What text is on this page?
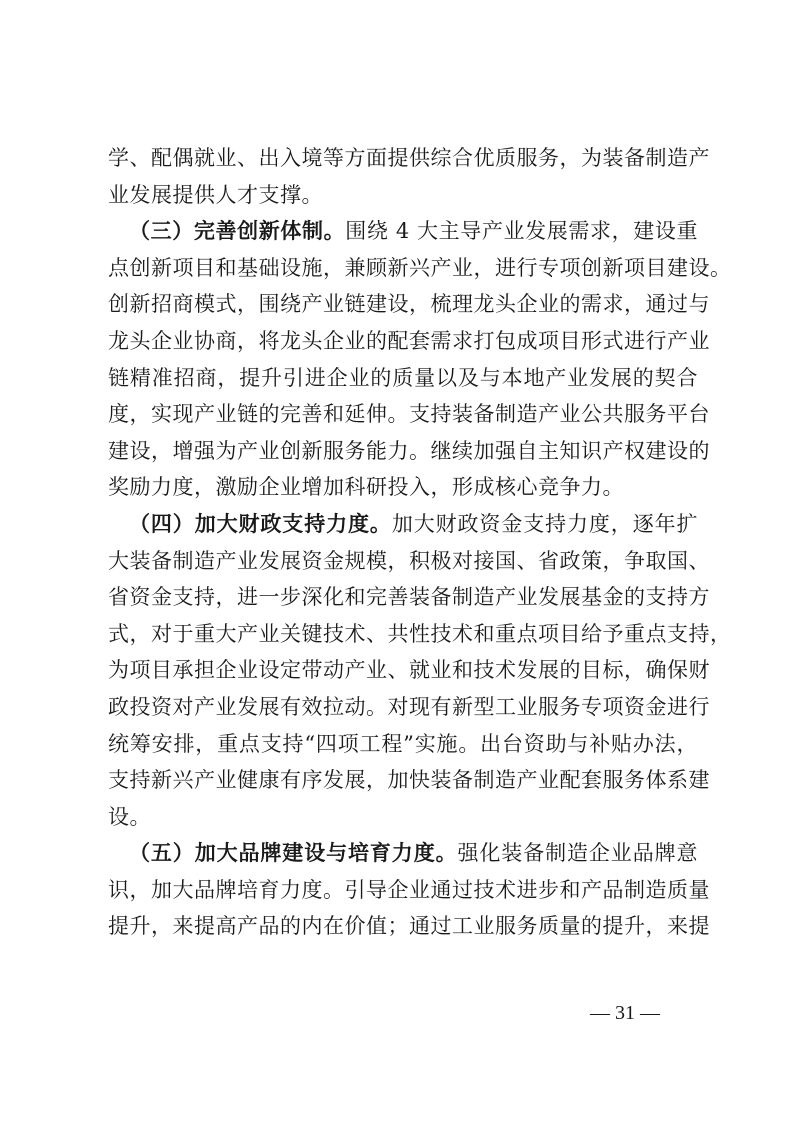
学、配偶就业、出入境等方面提供综合优质服务，为装备制造产
业发展提供人才支撑。
（三）完善创新体制。围绕 4 大主导产业发展需求，建设重
点创新项目和基础设施，兼顾新兴产业，进行专项创新项目建设。
创新招商模式，围绕产业链建设，梳理龙头企业的需求，通过与
龙头企业协商，将龙头企业的配套需求打包成项目形式进行产业
链精准招商，提升引进企业的质量以及与本地产业发展的契合
度，实现产业链的完善和延伸。支持装备制造产业公共服务平台
建设，增强为产业创新服务能力。继续加强自主知识产权建设的
奖励力度，激励企业增加科研投入，形成核心竞争力。
（四）加大财政支持力度。加大财政资金支持力度，逐年扩
大装备制造产业发展资金规模，积极对接国、省政策，争取国、
省资金支持，进一步深化和完善装备制造产业发展基金的支持方
式，对于重大产业关键技术、共性技术和重点项目给予重点支持，
为项目承担企业设定带动产业、就业和技术发展的目标，确保财
政投资对产业发展有效拉动。对现有新型工业服务专项资金进行
统筹安排，重点支持“四项工程”实施。出台资助与补贴办法，
支持新兴产业健康有序发展，加快装备制造产业配套服务体系建
设。
（五）加大品牌建设与培育力度。强化装备制造企业品牌意
识，加大品牌培育力度。引导企业通过技术进步和产品制造质量
提升，来提高产品的内在价值；通过工业服务质量的提升，来提
— 31 —
